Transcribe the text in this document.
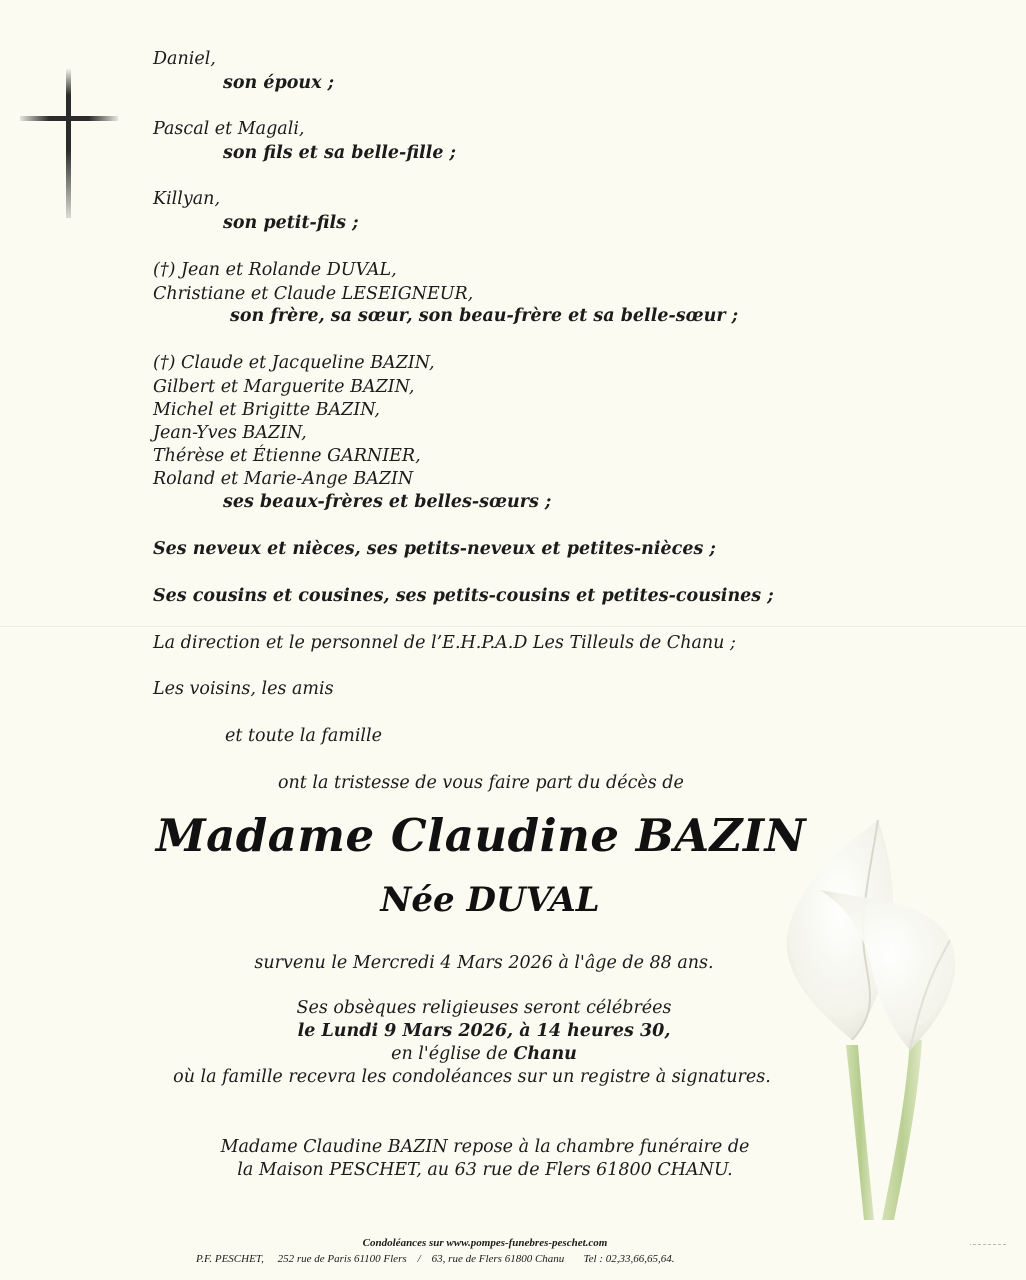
Daniel,
son époux ;
Pascal et Magali,
son fils et sa belle-fille ;
Killyan,
son petit-fils ;
(†) Jean et Rolande DUVAL,
Christiane et Claude LESEIGNEUR,
son frère, sa sœur, son beau-frère et sa belle-sœur ;
(†) Claude et Jacqueline BAZIN,
Gilbert et Marguerite BAZIN,
Michel et Brigitte BAZIN,
Jean-Yves BAZIN,
Thérèse et Étienne GARNIER,
Roland et Marie-Ange BAZIN
ses beaux-frères et belles-sœurs ;
Ses neveux et nièces, ses petits-neveux et petites-nièces ;
Ses cousins et cousines, ses petits-cousins et petites-cousines ;
La direction et le personnel de l’E.H.P.A.D Les Tilleuls de Chanu ;
Les voisins, les amis
et toute la famille
ont la tristesse de vous faire part du décès de
Madame Claudine BAZIN
Née DUVAL
survenu le Mercredi 4 Mars 2026 à l'âge de 88 ans.
Ses obsèques religieuses seront célébrées
le Lundi 9 Mars 2026, à 14 heures 30,
en l'église de Chanu
où la famille recevra les condoléances sur un registre à signatures.
Madame Claudine BAZIN repose à la chambre funéraire de
la Maison PESCHET, au 63 rue de Flers 61800 CHANU.
Condoléances sur www.pompes-funebres-peschet.com
P.F. PESCHET,     252 rue de Paris 61100 Flers    /    63, rue de Flers 61800 Chanu       Tel : 02,33,66,65,64.
